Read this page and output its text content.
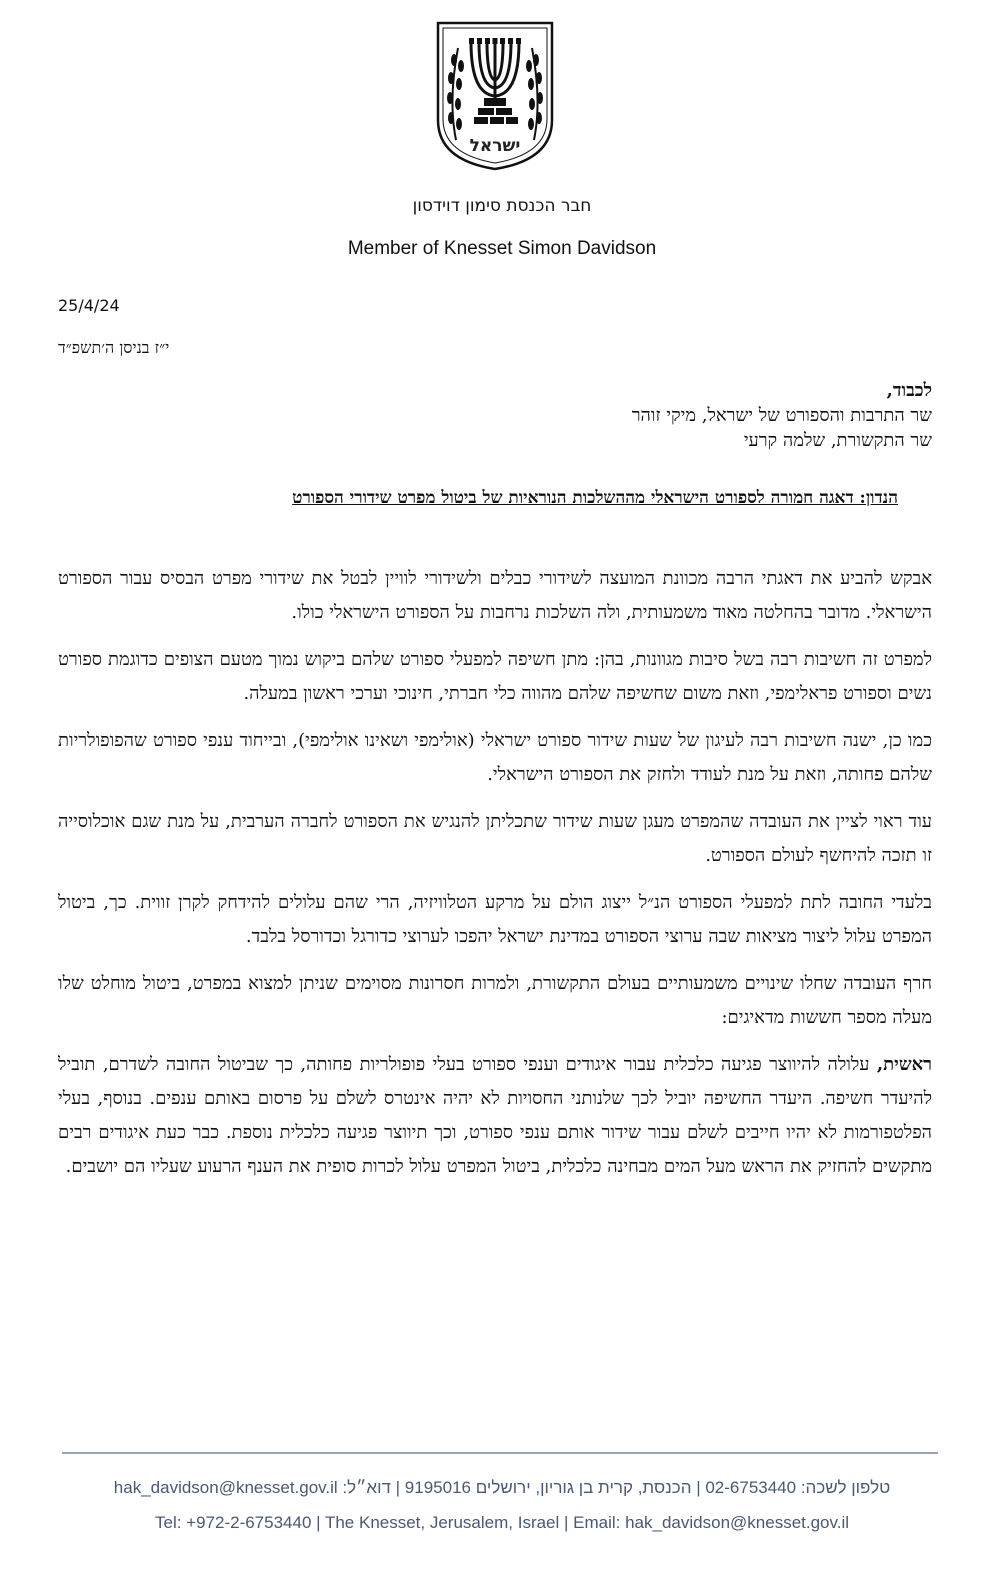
ישראל
חבר הכנסת סימון דוידסון
Member of Knesset Simon Davidson
25/4/24
י״ז בניסן ה׳תשפ״ד
לכבוד,
שר התרבות והספורט של ישראל, מיקי זוהר
שר התקשורת, שלמה קרעי
הנדון: דאגה חמורה לספורט הישראלי מההשלכות הנוראיות של ביטול מפרט שידורי הספורט

אבקש להביע את דאגתי הרבה מכוונת המועצה לשידורי כבלים ולשידורי לוויין לבטל את שידורי מפרט הבסיס עבור הספורט הישראלי. מדובר בהחלטה מאוד משמעותית, ולה השלכות נרחבות על הספורט הישראלי כולו.

למפרט זה חשיבות רבה בשל סיבות מגוונות, בהן: מתן חשיפה למפעלי ספורט שלהם ביקוש נמוך מטעם הצופים כדוגמת ספורט נשים וספורט פראלימפי, וזאת משום שחשיפה שלהם מהווה כלי חברתי, חינוכי וערכי ראשון במעלה.

כמו כן, ישנה חשיבות רבה לעיגון של שעות שידור ספורט ישראלי (אולימפי ושאינו אולימפי), ובייחוד ענפי ספורט שהפופולריות שלהם פחותה, וזאת על מנת לעודד ולחזק את הספורט הישראלי.

עוד ראוי לציין את העובדה שהמפרט מעגן שעות שידור שתכליתן להנגיש את הספורט לחברה הערבית, על מנת שגם אוכלוסייה זו תזכה להיחשף לעולם הספורט.

בלעדי החובה לתת למפעלי הספורט הנ״ל ייצוג הולם על מרקע הטלוויזיה, הרי שהם עלולים להידחק לקרן זווית. כך, ביטול המפרט עלול ליצור מציאות שבה ערוצי הספורט במדינת ישראל יהפכו לערוצי כדורגל וכדורסל בלבד.

חרף העובדה שחלו שינויים משמעותיים בעולם התקשורת, ולמרות חסרונות מסוימים שניתן למצוא במפרט, ביטול מוחלט שלו מעלה מספר חששות מדאיגים:

ראשית, עלולה להיווצר פגיעה כלכלית עבור איגודים וענפי ספורט בעלי פופולריות פחותה, כך שביטול החובה לשדרם, תוביל להיעדר חשיפה. היעדר החשיפה יוביל לכך שלנותני החסויות לא יהיה אינטרס לשלם על פרסום באותם ענפים. בנוסף, בעלי הפלטפורמות לא יהיו חייבים לשלם עבור שידור אותם ענפי ספורט, וכך תיווצר פגיעה כלכלית נוספת. כבר כעת איגודים רבים מתקשים להחזיק את הראש מעל המים מבחינה כלכלית, ביטול המפרט עלול לכרות סופית את הענף הרעוע שעליו הם יושבים.

טלפון לשכה: 02-6753440 | הכנסת, קרית בן גוריון, ירושלים 9195016 | דוא״ל: hak_davidson@knesset.gov.il
Tel: +972-2-6753440 | The Knesset, Jerusalem, Israel | Email: hak_davidson@knesset.gov.il
